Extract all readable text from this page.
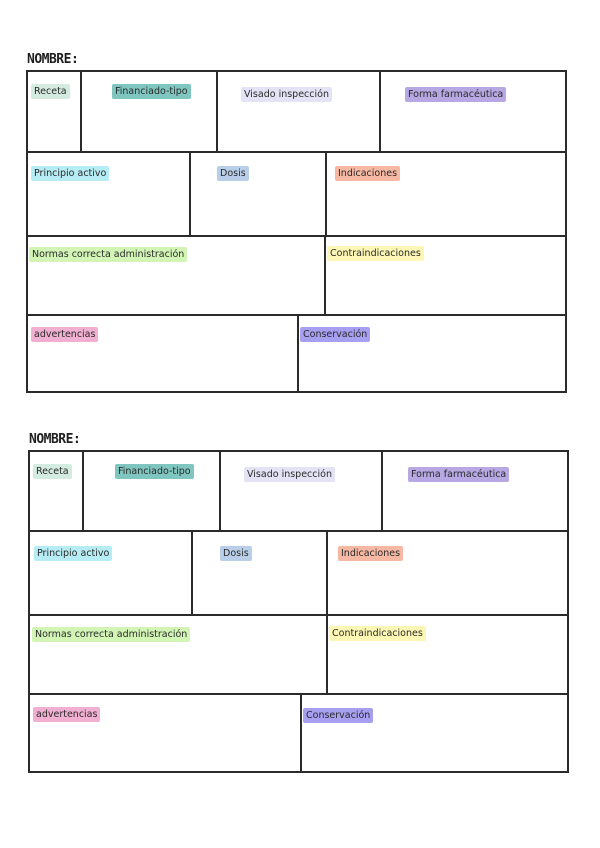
NOMBRE:
Receta	Financiado-tipo	Visado inspección	Forma farmacéutica
Principio activo	Dosis	Indicaciones
Normas correcta administración	Contraindicaciones
advertencias	Conservación
NOMBRE:
Receta	Financiado-tipo	Visado inspección	Forma farmacéutica
Principio activo	Dosis	Indicaciones
Normas correcta administración	Contraindicaciones
advertencias	Conservación
